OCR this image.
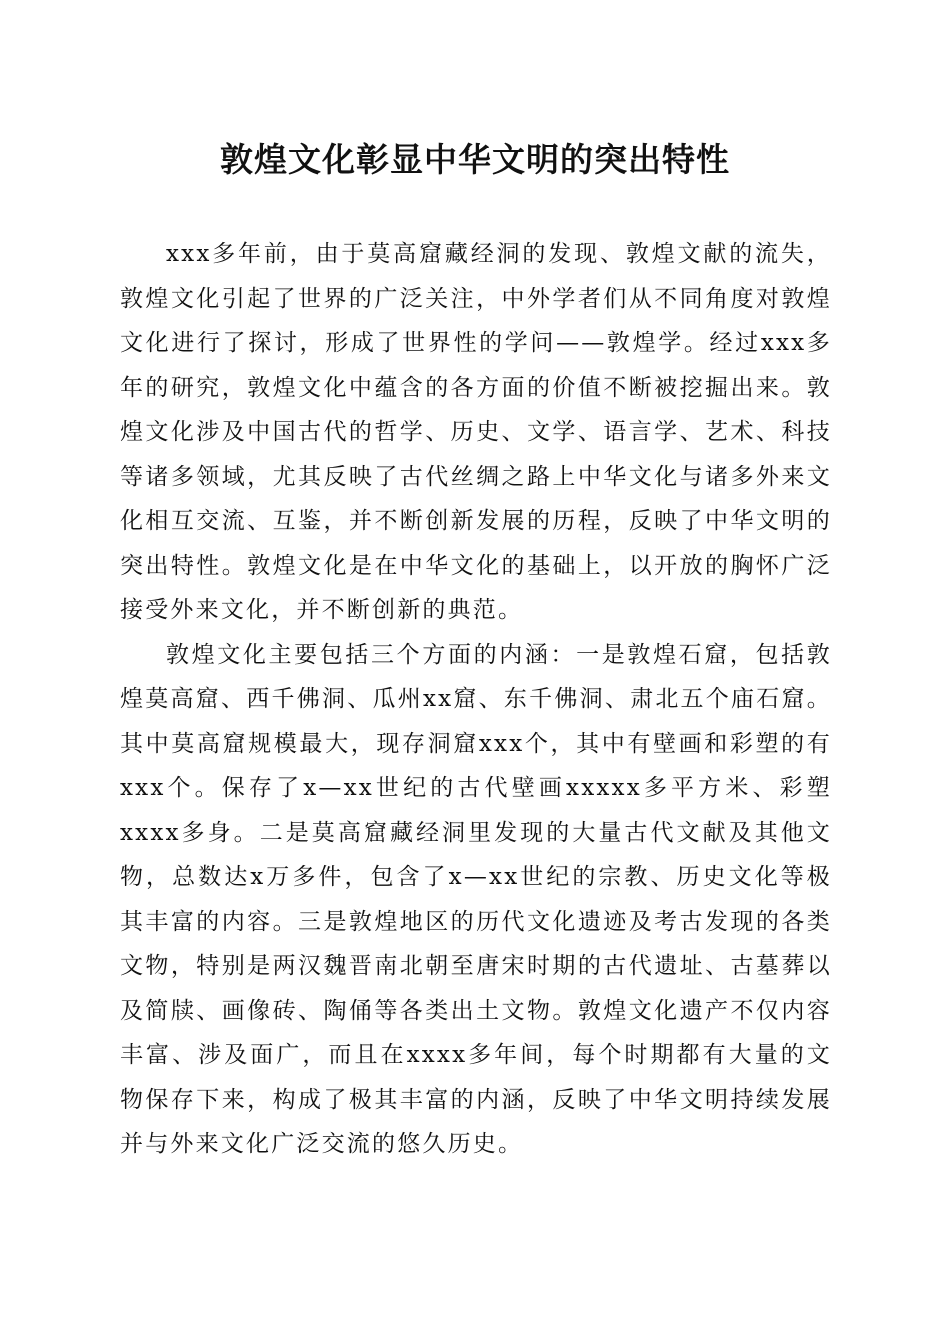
敦煌文化彰显中华文明的突出特性

xxx多年前，由于莫高窟藏经洞的发现、敦煌文献的流失，敦煌文化引起了世界的广泛关注，中外学者们从不同角度对敦煌文化进行了探讨，形成了世界性的学问——敦煌学。经过xxx多年的研究，敦煌文化中蕴含的各方面的价值不断被挖掘出来。敦煌文化涉及中国古代的哲学、历史、文学、语言学、艺术、科技等诸多领域，尤其反映了古代丝绸之路上中华文化与诸多外来文化相互交流、互鉴，并不断创新发展的历程，反映了中华文明的突出特性。敦煌文化是在中华文化的基础上，以开放的胸怀广泛接受外来文化，并不断创新的典范。

敦煌文化主要包括三个方面的内涵：一是敦煌石窟，包括敦煌莫高窟、西千佛洞、瓜州xx窟、东千佛洞、肃北五个庙石窟。其中莫高窟规模最大，现存洞窟xxx个，其中有壁画和彩塑的有xxx个。保存了x—xx世纪的古代壁画xxxxx多平方米、彩塑xxxx多身。二是莫高窟藏经洞里发现的大量古代文献及其他文物，总数达x万多件，包含了x—xx世纪的宗教、历史文化等极其丰富的内容。三是敦煌地区的历代文化遗迹及考古发现的各类文物，特别是两汉魏晋南北朝至唐宋时期的古代遗址、古墓葬以及简牍、画像砖、陶俑等各类出土文物。敦煌文化遗产不仅内容丰富、涉及面广，而且在xxxx多年间，每个时期都有大量的文物保存下来，构成了极其丰富的内涵，反映了中华文明持续发展并与外来文化广泛交流的悠久历史。
